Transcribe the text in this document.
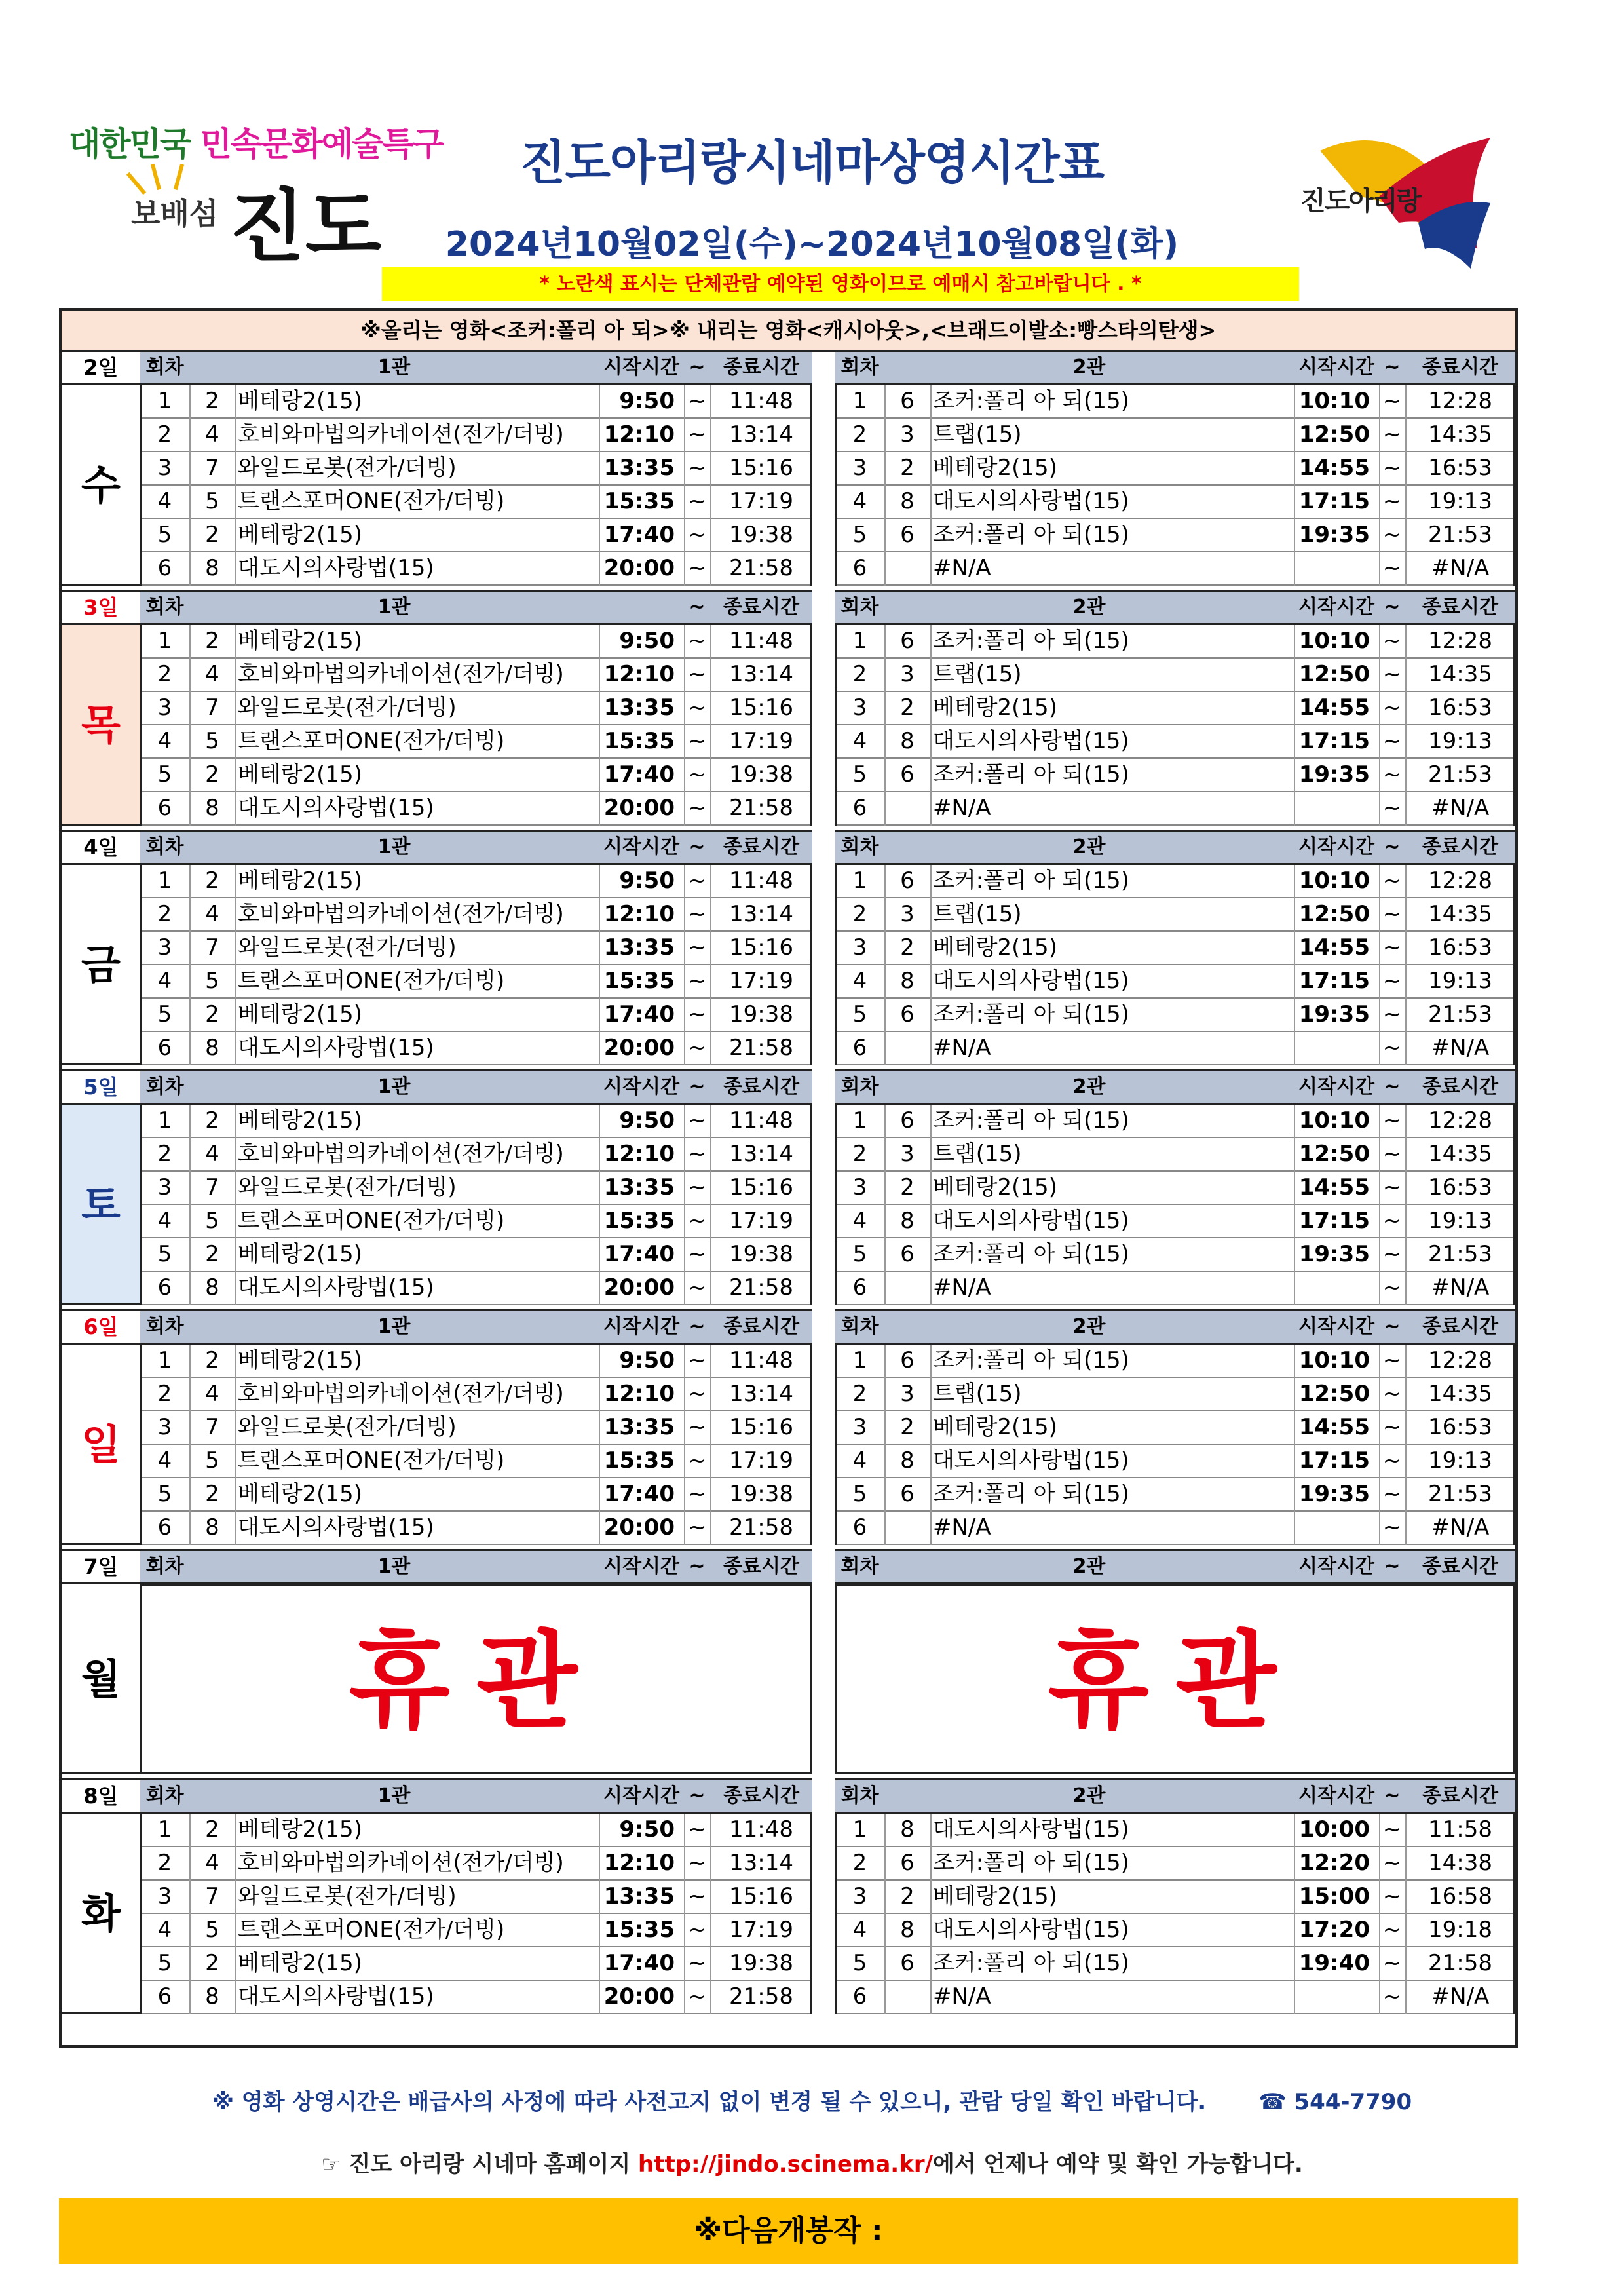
대한민국 민속문화예술특구
보배섬 진도	진도아리랑
진도아리랑시네마상영시간표
2024년10월02일(수)~2024년10월08일(화)
* 노란색 표시는 단체관람 예약된 영화이므로 예매시 참고바랍니다 . *
※올리는 영화<조커:폴리 아 되>※ 내리는 영화<캐시아웃>,<브래드이발소:빵스타의탄생>
2일	회차	1관	시작시간 ~ 종료시간	회차	2관	시작시간 ~	종료시간
수
1	2 베테랑2(15)	9:50 ~	11:48
2	4 호비와마법의카네이션(전가/더빙)	12:10 ~	13:14
3	7 와일드로봇(전가/더빙)	13:35 ~	15:16
4	5 트랜스포머ONE(전가/더빙)	15:35 ~	17:19
5	2 베테랑2(15)	17:40 ~	19:38
6	8 대도시의사랑법(15)	20:00 ~	21:58
1	6 조커:폴리 아 되(15)	10:10 ~	12:28
2	3 트랩(15)	12:50 ~	14:35
3	2 베테랑2(15)	14:55 ~	16:53
4	8 대도시의사랑법(15)	17:15 ~	19:13
5	6 조커:폴리 아 되(15)	19:35 ~	21:53
6	#N/A	~	#N/A
3일	회차	1관	~ 종료시간	회차	2관	시작시간 ~	종료시간
목
1	2 베테랑2(15)	9:50 ~	11:48
2	4 호비와마법의카네이션(전가/더빙)	12:10 ~	13:14
3	7 와일드로봇(전가/더빙)	13:35 ~	15:16
4	5 트랜스포머ONE(전가/더빙)	15:35 ~	17:19
5	2 베테랑2(15)	17:40 ~	19:38
6	8 대도시의사랑법(15)	20:00 ~	21:58
1	6 조커:폴리 아 되(15)	10:10 ~	12:28
2	3 트랩(15)	12:50 ~	14:35
3	2 베테랑2(15)	14:55 ~	16:53
4	8 대도시의사랑법(15)	17:15 ~	19:13
5	6 조커:폴리 아 되(15)	19:35 ~	21:53
6	#N/A	~	#N/A
4일	회차	1관	시작시간 ~ 종료시간	회차	2관	시작시간 ~	종료시간
금
1	2 베테랑2(15)	9:50 ~	11:48
2	4 호비와마법의카네이션(전가/더빙)	12:10 ~	13:14
3	7 와일드로봇(전가/더빙)	13:35 ~	15:16
4	5 트랜스포머ONE(전가/더빙)	15:35 ~	17:19
5	2 베테랑2(15)	17:40 ~	19:38
6	8 대도시의사랑법(15)	20:00 ~	21:58
1	6 조커:폴리 아 되(15)	10:10 ~	12:28
2	3 트랩(15)	12:50 ~	14:35
3	2 베테랑2(15)	14:55 ~	16:53
4	8 대도시의사랑법(15)	17:15 ~	19:13
5	6 조커:폴리 아 되(15)	19:35 ~	21:53
6	#N/A	~	#N/A
5일	회차	1관	시작시간 ~ 종료시간	회차	2관	시작시간 ~	종료시간
토
1	2 베테랑2(15)	9:50 ~	11:48
2	4 호비와마법의카네이션(전가/더빙)	12:10 ~	13:14
3	7 와일드로봇(전가/더빙)	13:35 ~	15:16
4	5 트랜스포머ONE(전가/더빙)	15:35 ~	17:19
5	2 베테랑2(15)	17:40 ~	19:38
6	8 대도시의사랑법(15)	20:00 ~	21:58
1	6 조커:폴리 아 되(15)	10:10 ~	12:28
2	3 트랩(15)	12:50 ~	14:35
3	2 베테랑2(15)	14:55 ~	16:53
4	8 대도시의사랑법(15)	17:15 ~	19:13
5	6 조커:폴리 아 되(15)	19:35 ~	21:53
6	#N/A	~	#N/A
6일	회차	1관	시작시간 ~ 종료시간	회차	2관	시작시간 ~	종료시간
일
1	2 베테랑2(15)	9:50 ~	11:48
2	4 호비와마법의카네이션(전가/더빙)	12:10 ~	13:14
3	7 와일드로봇(전가/더빙)	13:35 ~	15:16
4	5 트랜스포머ONE(전가/더빙)	15:35 ~	17:19
5	2 베테랑2(15)	17:40 ~	19:38
6	8 대도시의사랑법(15)	20:00 ~	21:58
1	6 조커:폴리 아 되(15)	10:10 ~	12:28
2	3 트랩(15)	12:50 ~	14:35
3	2 베테랑2(15)	14:55 ~	16:53
4	8 대도시의사랑법(15)	17:15 ~	19:13
5	6 조커:폴리 아 되(15)	19:35 ~	21:53
6	#N/A	~	#N/A
7일	회차	1관	시작시간 ~ 종료시간	회차	2관	시작시간 ~	종료시간
월	휴관	휴관
8일	회차	1관	시작시간 ~ 종료시간	회차	2관	시작시간 ~	종료시간
화
1	2 베테랑2(15)	9:50 ~	11:48
2	4 호비와마법의카네이션(전가/더빙)	12:10 ~	13:14
3	7 와일드로봇(전가/더빙)	13:35 ~	15:16
4	5 트랜스포머ONE(전가/더빙)	15:35 ~	17:19
5	2 베테랑2(15)	17:40 ~	19:38
6	8 대도시의사랑법(15)	20:00 ~	21:58
1	8 대도시의사랑법(15)	10:00 ~	11:58
2	6 조커:폴리 아 되(15)	12:20 ~	14:38
3	2 베테랑2(15)	15:00 ~	16:58
4	8 대도시의사랑법(15)	17:20 ~	19:18
5	6 조커:폴리 아 되(15)	19:40 ~	21:58
6	#N/A	~	#N/A
※ 영화 상영시간은 배급사의 사정에 따라 사전고지 없이 변경 될 수 있으니, 관람 당일 확인 바랍니다. ☎ 544-7790
☞ 진도 아리랑 시네마 홈페이지 http://jindo.scinema.kr/에서 언제나 예약 및 확인 가능합니다.
※다음개봉작 :
